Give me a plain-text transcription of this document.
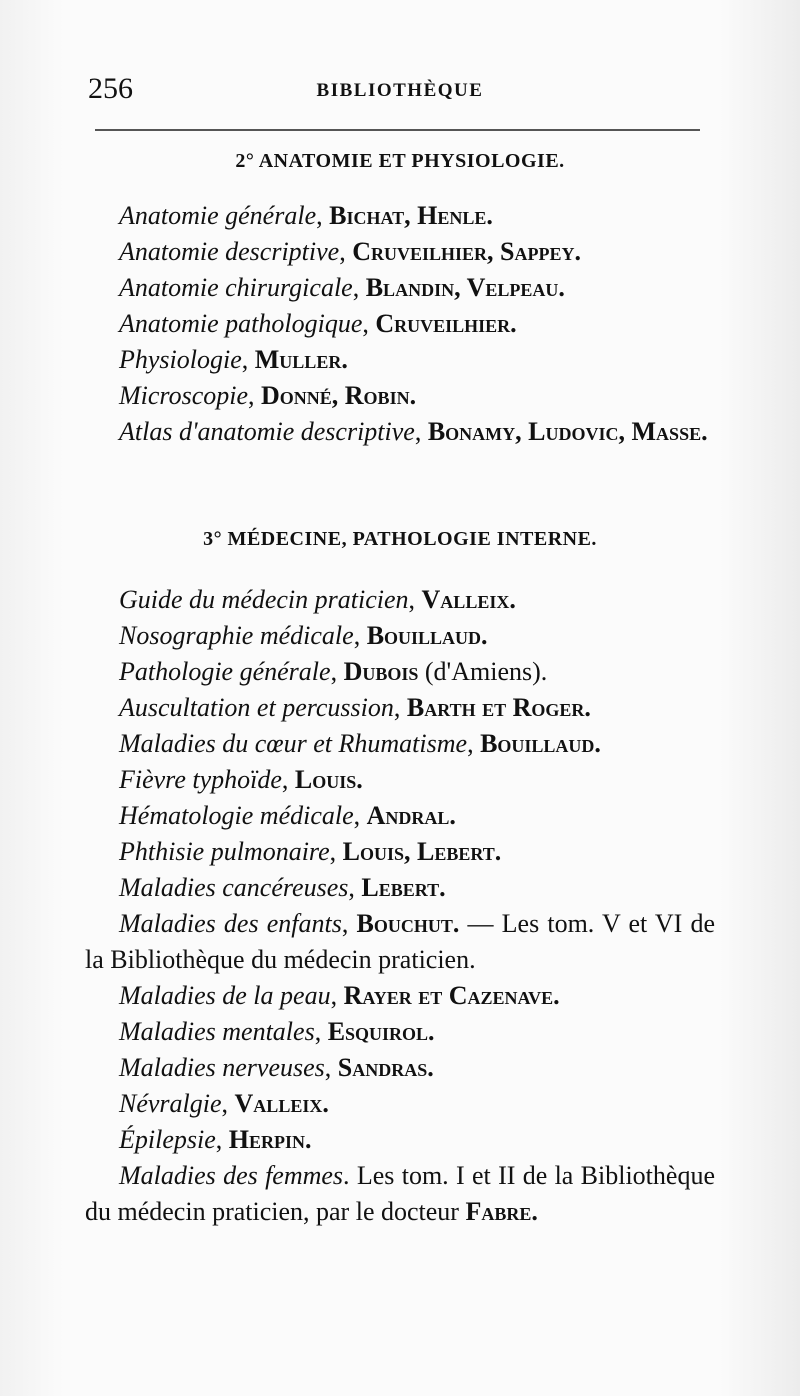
256	BIBLIOTHÈQUE
2° ANATOMIE ET PHYSIOLOGIE.
Anatomie générale, Bichat, Henle.
Anatomie descriptive, Cruveilhier, Sappey.
Anatomie chirurgicale, Blandin, Velpeau.
Anatomie pathologique, Cruveilhier.
Physiologie, Muller.
Microscopie, Donné, Robin.
Atlas d'anatomie descriptive, Bonamy, Ludovic, Masse.
3° MÉDECINE, PATHOLOGIE INTERNE.
Guide du médecin praticien, Valleix.
Nosographie médicale, Bouillaud.
Pathologie générale, Dubois (d'Amiens).
Auscultation et percussion, Barth et Roger.
Maladies du cœur et Rhumatisme, Bouillaud.
Fièvre typhoïde, Louis.
Hématologie médicale, Andral.
Phthisie pulmonaire, Louis, Lebert.
Maladies cancéreuses, Lebert.
Maladies des enfants, Bouchut. — Les tom. V et VI de la Bibliothèque du médecin praticien.
Maladies de la peau, Rayer et Cazenave.
Maladies mentales, Esquirol.
Maladies nerveuses, Sandras.
Névralgie, Valleix.
Épilepsie, Herpin.
Maladies des femmes. Les tom. I et II de la Bibliothèque du médecin praticien, par le docteur Fabre.
